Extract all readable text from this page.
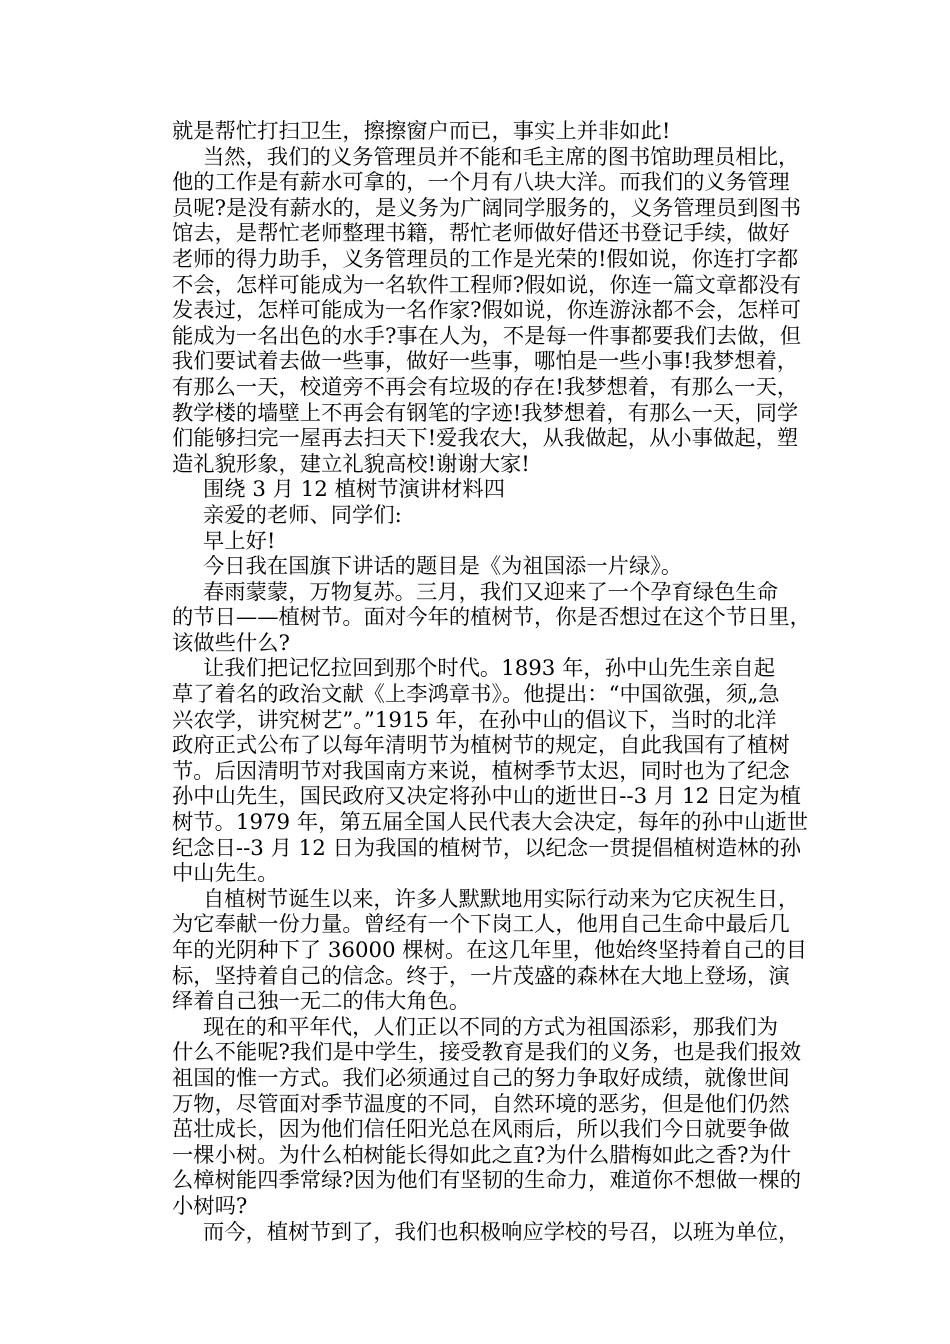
就是帮忙打扫卫生，擦擦窗户而已，事实上并非如此!
当然，我们的义务管理员并不能和毛主席的图书馆助理员相比，
他的工作是有薪水可拿的，一个月有八块大洋。而我们的义务管理
员呢?是没有薪水的，是义务为广阔同学服务的，义务管理员到图书
馆去，是帮忙老师整理书籍，帮忙老师做好借还书登记手续，做好
老师的得力助手，义务管理员的工作是光荣的!假如说，你连打字都
不会，怎样可能成为一名软件工程师?假如说，你连一篇文章都没有
发表过，怎样可能成为一名作家?假如说，你连游泳都不会，怎样可
能成为一名出色的水手?事在人为，不是每一件事都要我们去做，但
我们要试着去做一些事，做好一些事，哪怕是一些小事!我梦想着，
有那么一天，校道旁不再会有垃圾的存在!我梦想着，有那么一天，
教学楼的墙壁上不再会有钢笔的字迹!我梦想着，有那么一天，同学
们能够扫完一屋再去扫天下!爱我农大，从我做起，从小事做起，塑
造礼貌形象，建立礼貌高校!谢谢大家!
围绕 3 月 12 植树节演讲材料四
亲爱的老师、同学们:
早上好!
今日我在国旗下讲话的题目是《为祖国添一片绿》。
春雨蒙蒙，万物复苏。三月，我们又迎来了一个孕育绿色生命
的节日——植树节。面对今年的植树节，你是否想过在这个节日里，
该做些什么?
让我们把记忆拉回到那个时代。1893 年，孙中山先生亲自起
草了着名的政治文献《上李鸿章书》。他提出：“中国欲强，须„急
兴农学，讲究树艺”。”1915 年，在孙中山的倡议下，当时的北洋
政府正式公布了以每年清明节为植树节的规定，自此我国有了植树
节。后因清明节对我国南方来说，植树季节太迟，同时也为了纪念
孙中山先生，国民政府又决定将孙中山的逝世日--3 月 12 日定为植
树节。1979 年，第五届全国人民代表大会决定，每年的孙中山逝世
纪念日--3 月 12 日为我国的植树节，以纪念一贯提倡植树造林的孙
中山先生。
自植树节诞生以来，许多人默默地用实际行动来为它庆祝生日，
为它奉献一份力量。曾经有一个下岗工人，他用自己生命中最后几
年的光阴种下了 36000 棵树。在这几年里，他始终坚持着自己的目
标，坚持着自己的信念。终于，一片茂盛的森林在大地上登场，演
绎着自己独一无二的伟大角色。
现在的和平年代，人们正以不同的方式为祖国添彩，那我们为
什么不能呢?我们是中学生，接受教育是我们的义务，也是我们报效
祖国的惟一方式。我们必须通过自己的努力争取好成绩，就像世间
万物，尽管面对季节温度的不同，自然环境的恶劣，但是他们仍然
茁壮成长，因为他们信任阳光总在风雨后，所以我们今日就要争做
一棵小树。为什么柏树能长得如此之直?为什么腊梅如此之香?为什
么樟树能四季常绿?因为他们有坚韧的生命力，难道你不想做一棵的
小树吗?
而今，植树节到了，我们也积极响应学校的号召，以班为单位，
